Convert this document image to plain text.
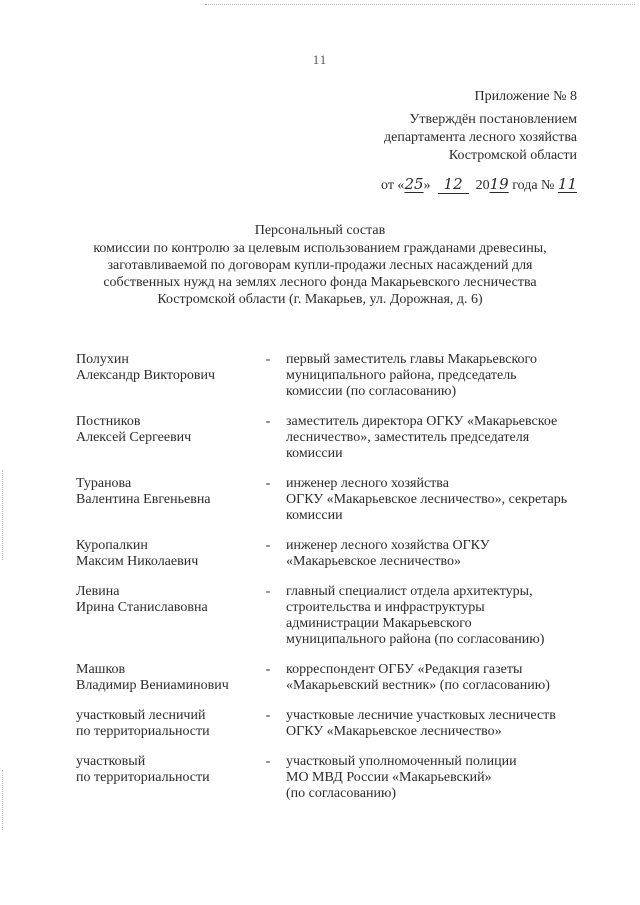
11
Приложение № 8
Утверждён постановлением
департамента лесного хозяйства
Костромской области
от «25» 12 2019 года № 11
Персональный состав
комиссии по контролю за целевым использованием гражданами древесины,
заготавливаемой по договорам купли-продажи лесных насаждений для
собственных нужд на землях лесного фонда Макарьевского лесничества
Костромской области (г. Макарьев, ул. Дорожная, д. 6)
Полухин
Александр Викторович
-	первый заместитель главы Макарьевского
муниципального района, председатель
комиссии (по согласованию)
Постников
Алексей Сергеевич
-	заместитель директора ОГКУ «Макарьевское
лесничество», заместитель председателя
комиссии
Туранова
Валентина Евгеньевна
-	инженер лесного хозяйства
ОГКУ «Макарьевское лесничество», секретарь
комиссии
Куропалкин
Максим Николаевич
-	инженер лесного хозяйства ОГКУ
«Макарьевское лесничество»
Левина
Ирина Станиславовна
-	главный специалист отдела архитектуры,
строительства и инфраструктуры
администрации Макарьевского
муниципального района (по согласованию)
Машков
Владимир Вениаминович
-	корреспондент ОГБУ «Редакция газеты
«Макарьевский вестник» (по согласованию)
участковый лесничий
по территориальности
-	участковые лесничие участковых лесничеств
ОГКУ «Макарьевское лесничество»
участковый
по территориальности
-	участковый уполномоченный полиции
МО МВД России «Макарьевский»
(по согласованию)
